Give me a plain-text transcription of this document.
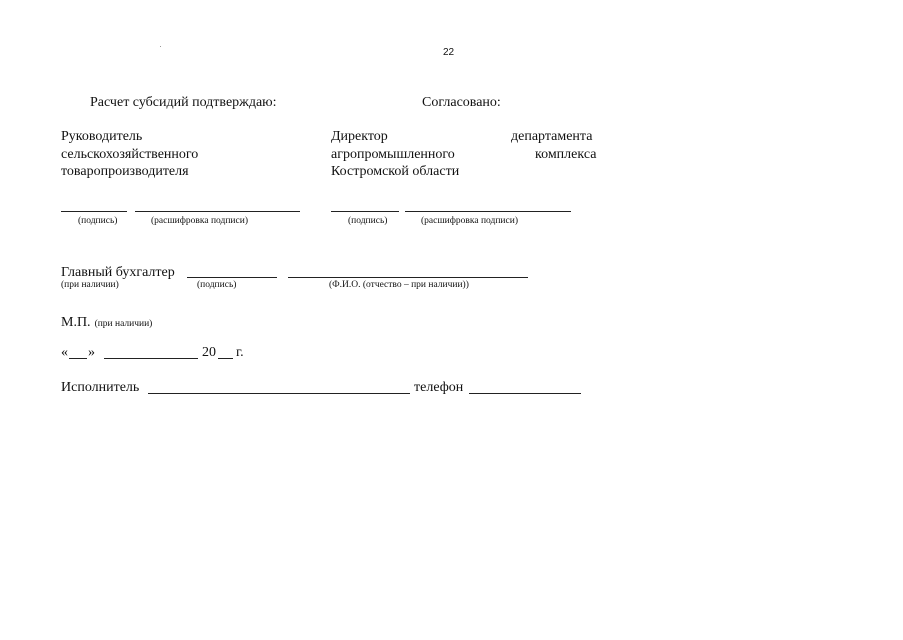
22
Расчет субсидий подтверждаю:	Согласовано:
Руководитель
сельскохозяйственного
товаропроизводителя
Директор	департамента
агропромышленного	комплекса
Костромской области
(подпись)	(расшифровка подписи)	(подпись)	(расшифровка подписи)
Главный бухгалтер
(при наличии)	(подпись)	(Ф.И.О. (отчество – при наличии))
М.П. (при наличии)
« »	20 г.
Исполнитель	телефон
